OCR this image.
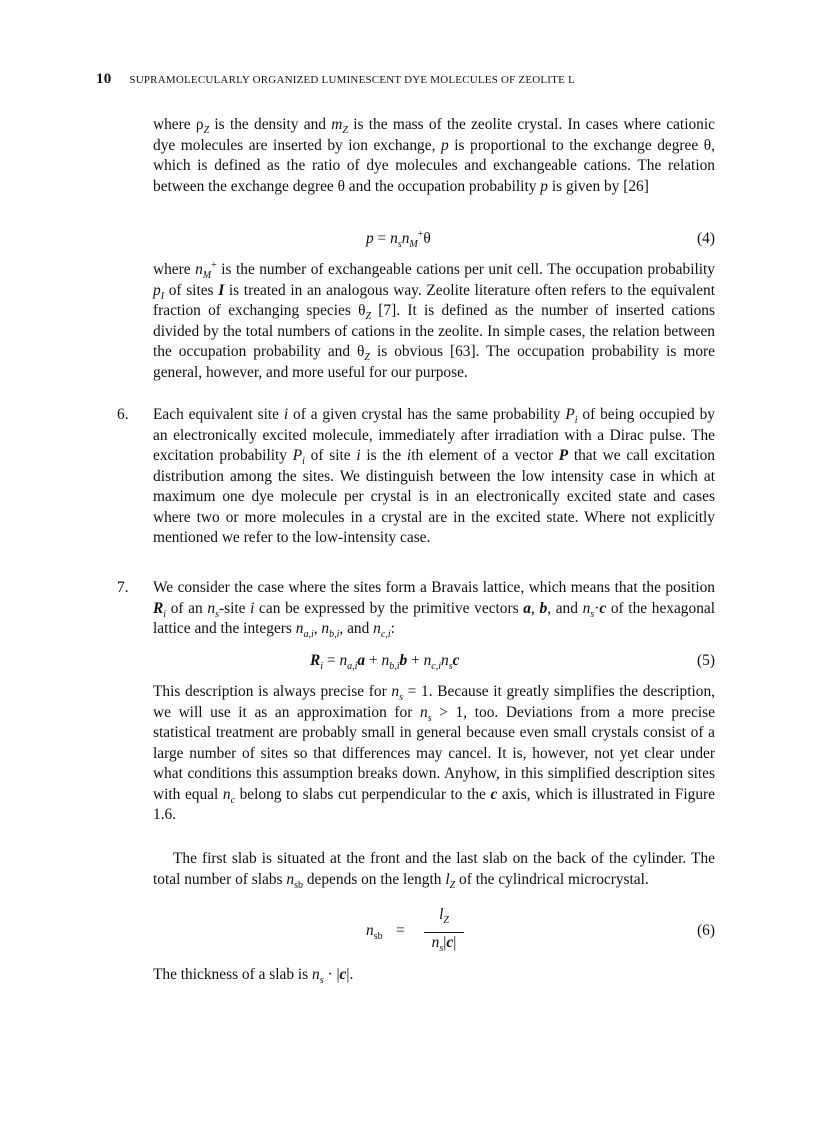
10 SUPRAMOLECULARLY ORGANIZED LUMINESCENT DYE MOLECULES OF ZEOLITE L

where $\rho_Z$ is the density and $m_Z$ is the mass of the zeolite crystal. In cases where cationic dye molecules are inserted by ion exchange, p is proportional to the exchange degree θ, which is defined as the ratio of dye molecules and exchangeable cations. The relation between the exchange degree θ and the occupation probability p is given by [26]

$p = n_sn_M^+\theta$	(4)

where $n_M^+$ is the number of exchangeable cations per unit cell. The occupation probability $p_I$ of sites I is treated in an analogous way. Zeolite literature often refers to the equivalent fraction of exchanging species $\theta_Z$ [7]. It is defined as the number of inserted cations divided by the total numbers of cations in the zeolite. In simple cases, the relation between the occupation probability and $\theta_Z$ is obvious [63]. The occupation probability is more general, however, and more useful for our purpose.

6. Each equivalent site i of a given crystal has the same probability $P_i$ of being occupied by an electronically excited molecule, immediately after irradiation with a Dirac pulse. The excitation probability $P_i$ of site i is the ith element of a vector P that we call excitation distribution among the sites. We distinguish between the low intensity case in which at maximum one dye molecule per crystal is in an electronically excited state and cases where two or more molecules in a crystal are in the excited state. Where not explicitly mentioned we refer to the low-intensity case.
7. We consider the case where the sites form a Bravais lattice, which means that the position $R_i$ of an $n_s$-site i can be expressed by the primitive vectors a, b, and $n_s\cdot c$ of the hexagonal lattice and the integers $n_{a,i}$, $n_{b,i}$, and $n_{c,i}$:
$R_i = n_{a,i}a + n_{b,i}b + n_{c,i}n_sc$	(5)

This description is always precise for $n_s = 1$. Because it greatly simplifies the description, we will use it as an approximation for $n_s > 1$, too. Deviations from a more precise statistical treatment are probably small in general because even small crystals consist of a large number of sites so that differences may cancel. It is, however, not yet clear under what conditions this assumption breaks down. Anyhow, in this simplified description sites with equal $n_c$ belong to slabs cut perpendicular to the c axis, which is illustrated in Figure 1.6.

The first slab is situated at the front and the last slab on the back of the cylinder. The total number of slabs $n_{sb}$ depends on the length $l_Z$ of the cylindrical microcrystal.

$n_{sb}$ =
$l_Z$
$n_s|c|$
(6)

The thickness of a slab is $n_s \cdot |c|$.
